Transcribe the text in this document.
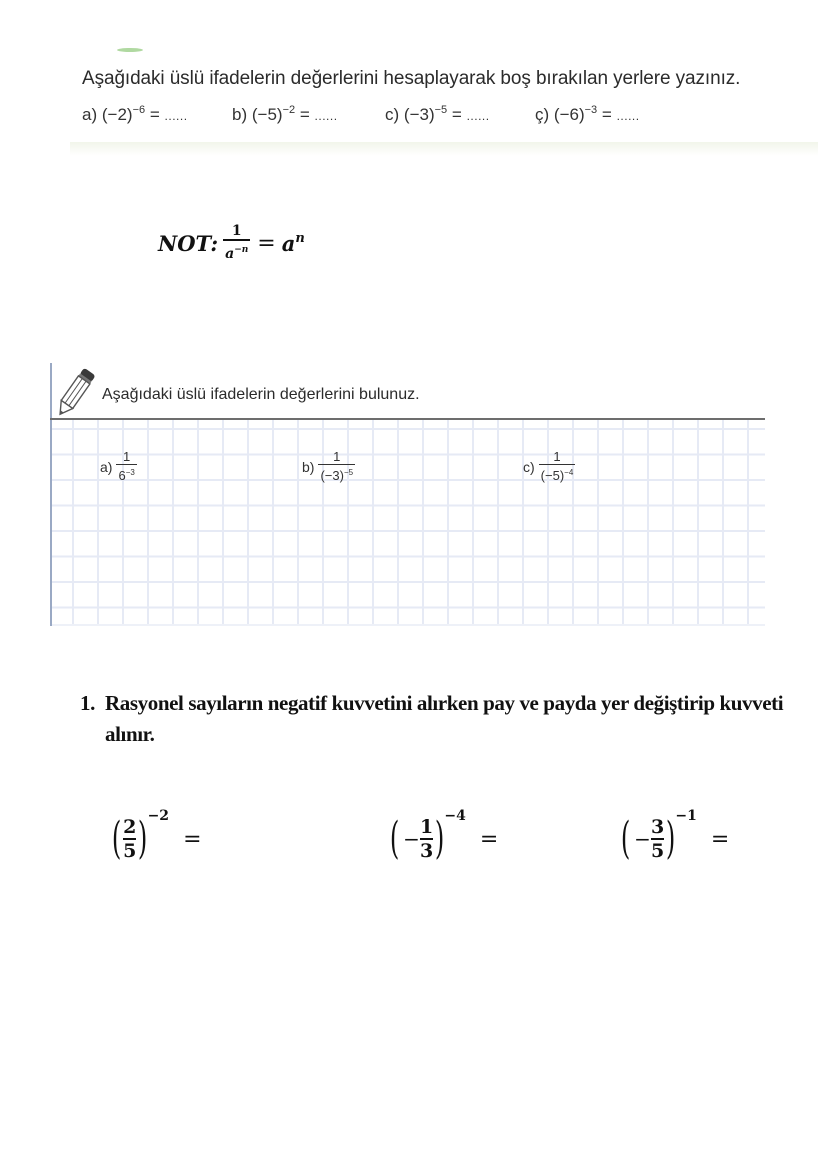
Aşağıdaki üslü ifadelerin değerlerini hesaplayarak boş bırakılan yerlere yazınız.
a) $(-2)^{-6}$ = ......	b) $(-5)^{-2}$ = ......	c) $(-3)^{-5}$ = ......	ç) $(-6)^{-3}$ = ......
NOT: $\frac{1}{a^{-n}} = a^n$
Aşağıdaki üslü ifadelerin değerlerini bulunuz.
a)
1
$6^{-3}$	b)
1
$(-3)^{-5}$	c)
1
$(-5)^{-4}$
1. Rasyonel sayıların negatif kuvvetini alırken pay ve payda yer değiştirip kuvveti alınır.
( 2
5 ) −2
=	( − 1
3 ) −4
=	( − 3
5 ) −1
=
